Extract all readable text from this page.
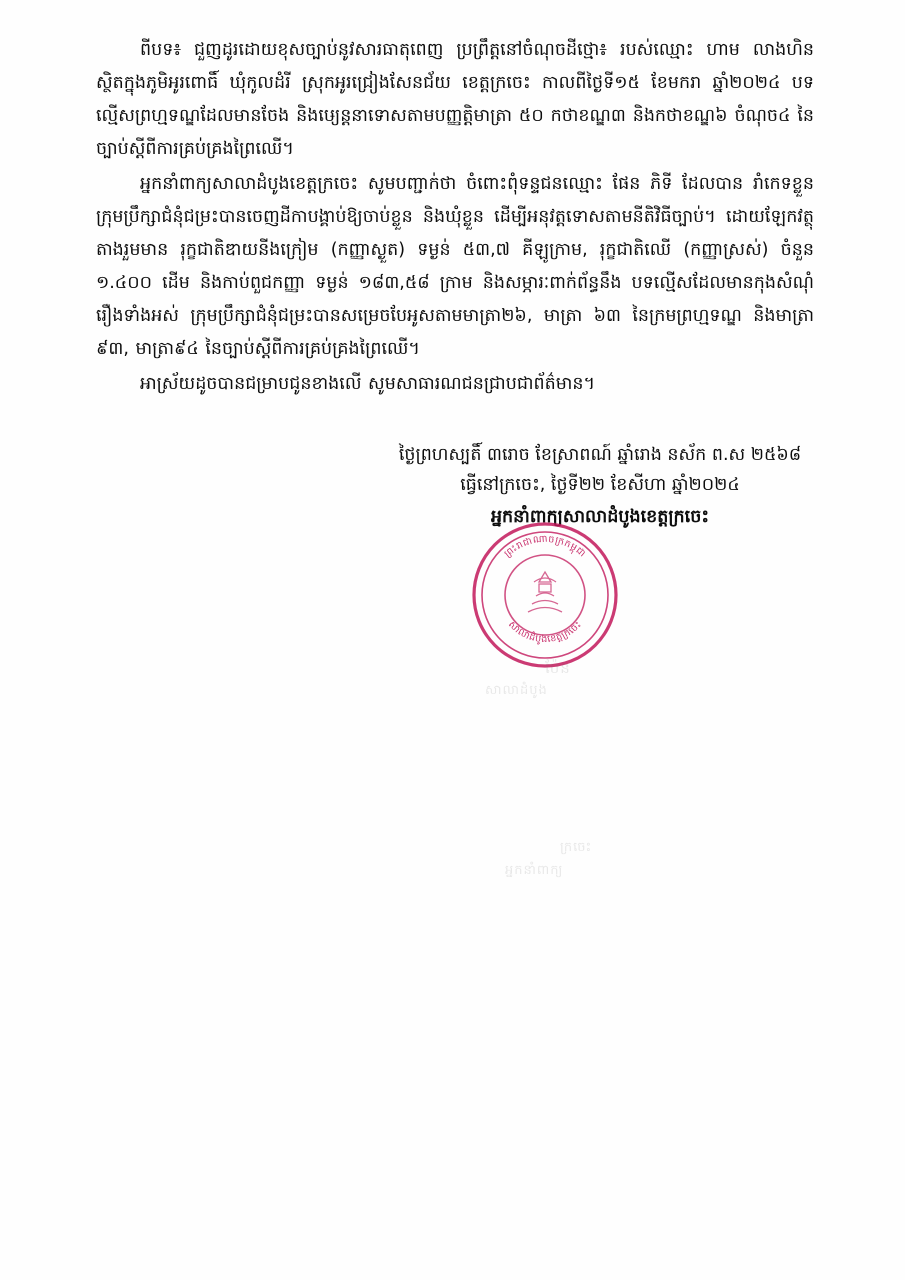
ពីបទ៖ ជួញដូរដោយខុសច្បាប់នូវសារធាតុពេញ ប្រព្រឹត្តនៅចំណុចដីថ្មោ៖ របស់ឈ្មោះ ហាម លាងហិន ស្ថិតក្នុងភូមិអូរពោធិ៍ ឃុំកូលដំរី ស្រុកអូរជ្រៀងសែនជ័យ ខេត្តក្រចេះ កាលពីថ្ងៃទី១៥ ខែមករា ឆ្នាំ២០២៤ បទល្មើសព្រហ្មទណ្ឌដែលមានចែង និងឞ្យេន្តនាទោសតាមបញ្ញត្តិមាត្រា ៥០ កថាខណ្ឌ៣ និងកថាខណ្ឌ៦ ចំណុច៤ នៃច្បាប់ស្ដីពីការគ្រប់គ្រងព្រៃឈើ។

អ្នកនាំពាក្យសាលាដំបូងខេត្តក្រចេះ សូមបញ្ជាក់ថា ចំពោះពុំទន្ទជនឈ្មោះ ផែន ភិទី ដែលបាន រាំកេទខ្លួន ក្រុមប្រឹក្សាជំនុំជម្រះបានចេញដីកាបង្គាប់ឱ្យចាប់ខ្លួន និងឃុំខ្លួន ដើម្បីអនុវត្តទោសតាមនីតិវិធីច្បាប់។ ដោយឡែកវត្ថុតាងរួមមាន រុក្ខជាតិឌាយនីងក្រៀម (កញ្ញាស្ងួត) ទម្ងន់ ៥៣,៧ គីឡូក្រាម, រុក្ខជាតិឈើ (កញ្ញាស្រស់) ចំនួន ១.៤០០ ដើម និងកាប់ពួជកញ្ញា ទម្ងន់ ១៨៣,៥៨ ក្រាម និងសម្ភារៈពាក់ព័ន្ធនឹង បទល្មើសដែលមានកុងសំណុំរឿងទាំងអស់ ក្រុមប្រឹក្សាជំនុំជម្រះបានសម្រេចបែអូសតាមមាត្រា២៦, មាត្រា ៦៣ នៃក្រមព្រហ្មទណ្ឌ និងមាត្រា ៩៣, មាត្រា៩៤ នៃច្បាប់ស្ដីពីការគ្រប់គ្រងព្រៃឈើ។

អាស្រ័យដូចបានជម្រាបជូនខាងលើ សូមសាធារណជនជ្រាបជាព័ត៌មាន។

ថ្ងៃព្រហស្បតិ៍ ៣រោច ខែស្រាពណ៍ ឆ្នាំរោង នស័ក ព.ស ២៥៦៨
ធ្វើនៅក្រចេះ, ថ្ងៃទី២២ ខែសីហា ឆ្នាំ២០២៤
អ្នកនាំពាក្យសាលាដំបូងខេត្តក្រចេះ
ព្រះរាជាណាចក្រកម្ពុជា
សាលាដំបូងខេត្តក្រចេះ
ប៉ែន
សាលាដំបូង
ក្រចេះ
អ្នកនាំពាក្យ
